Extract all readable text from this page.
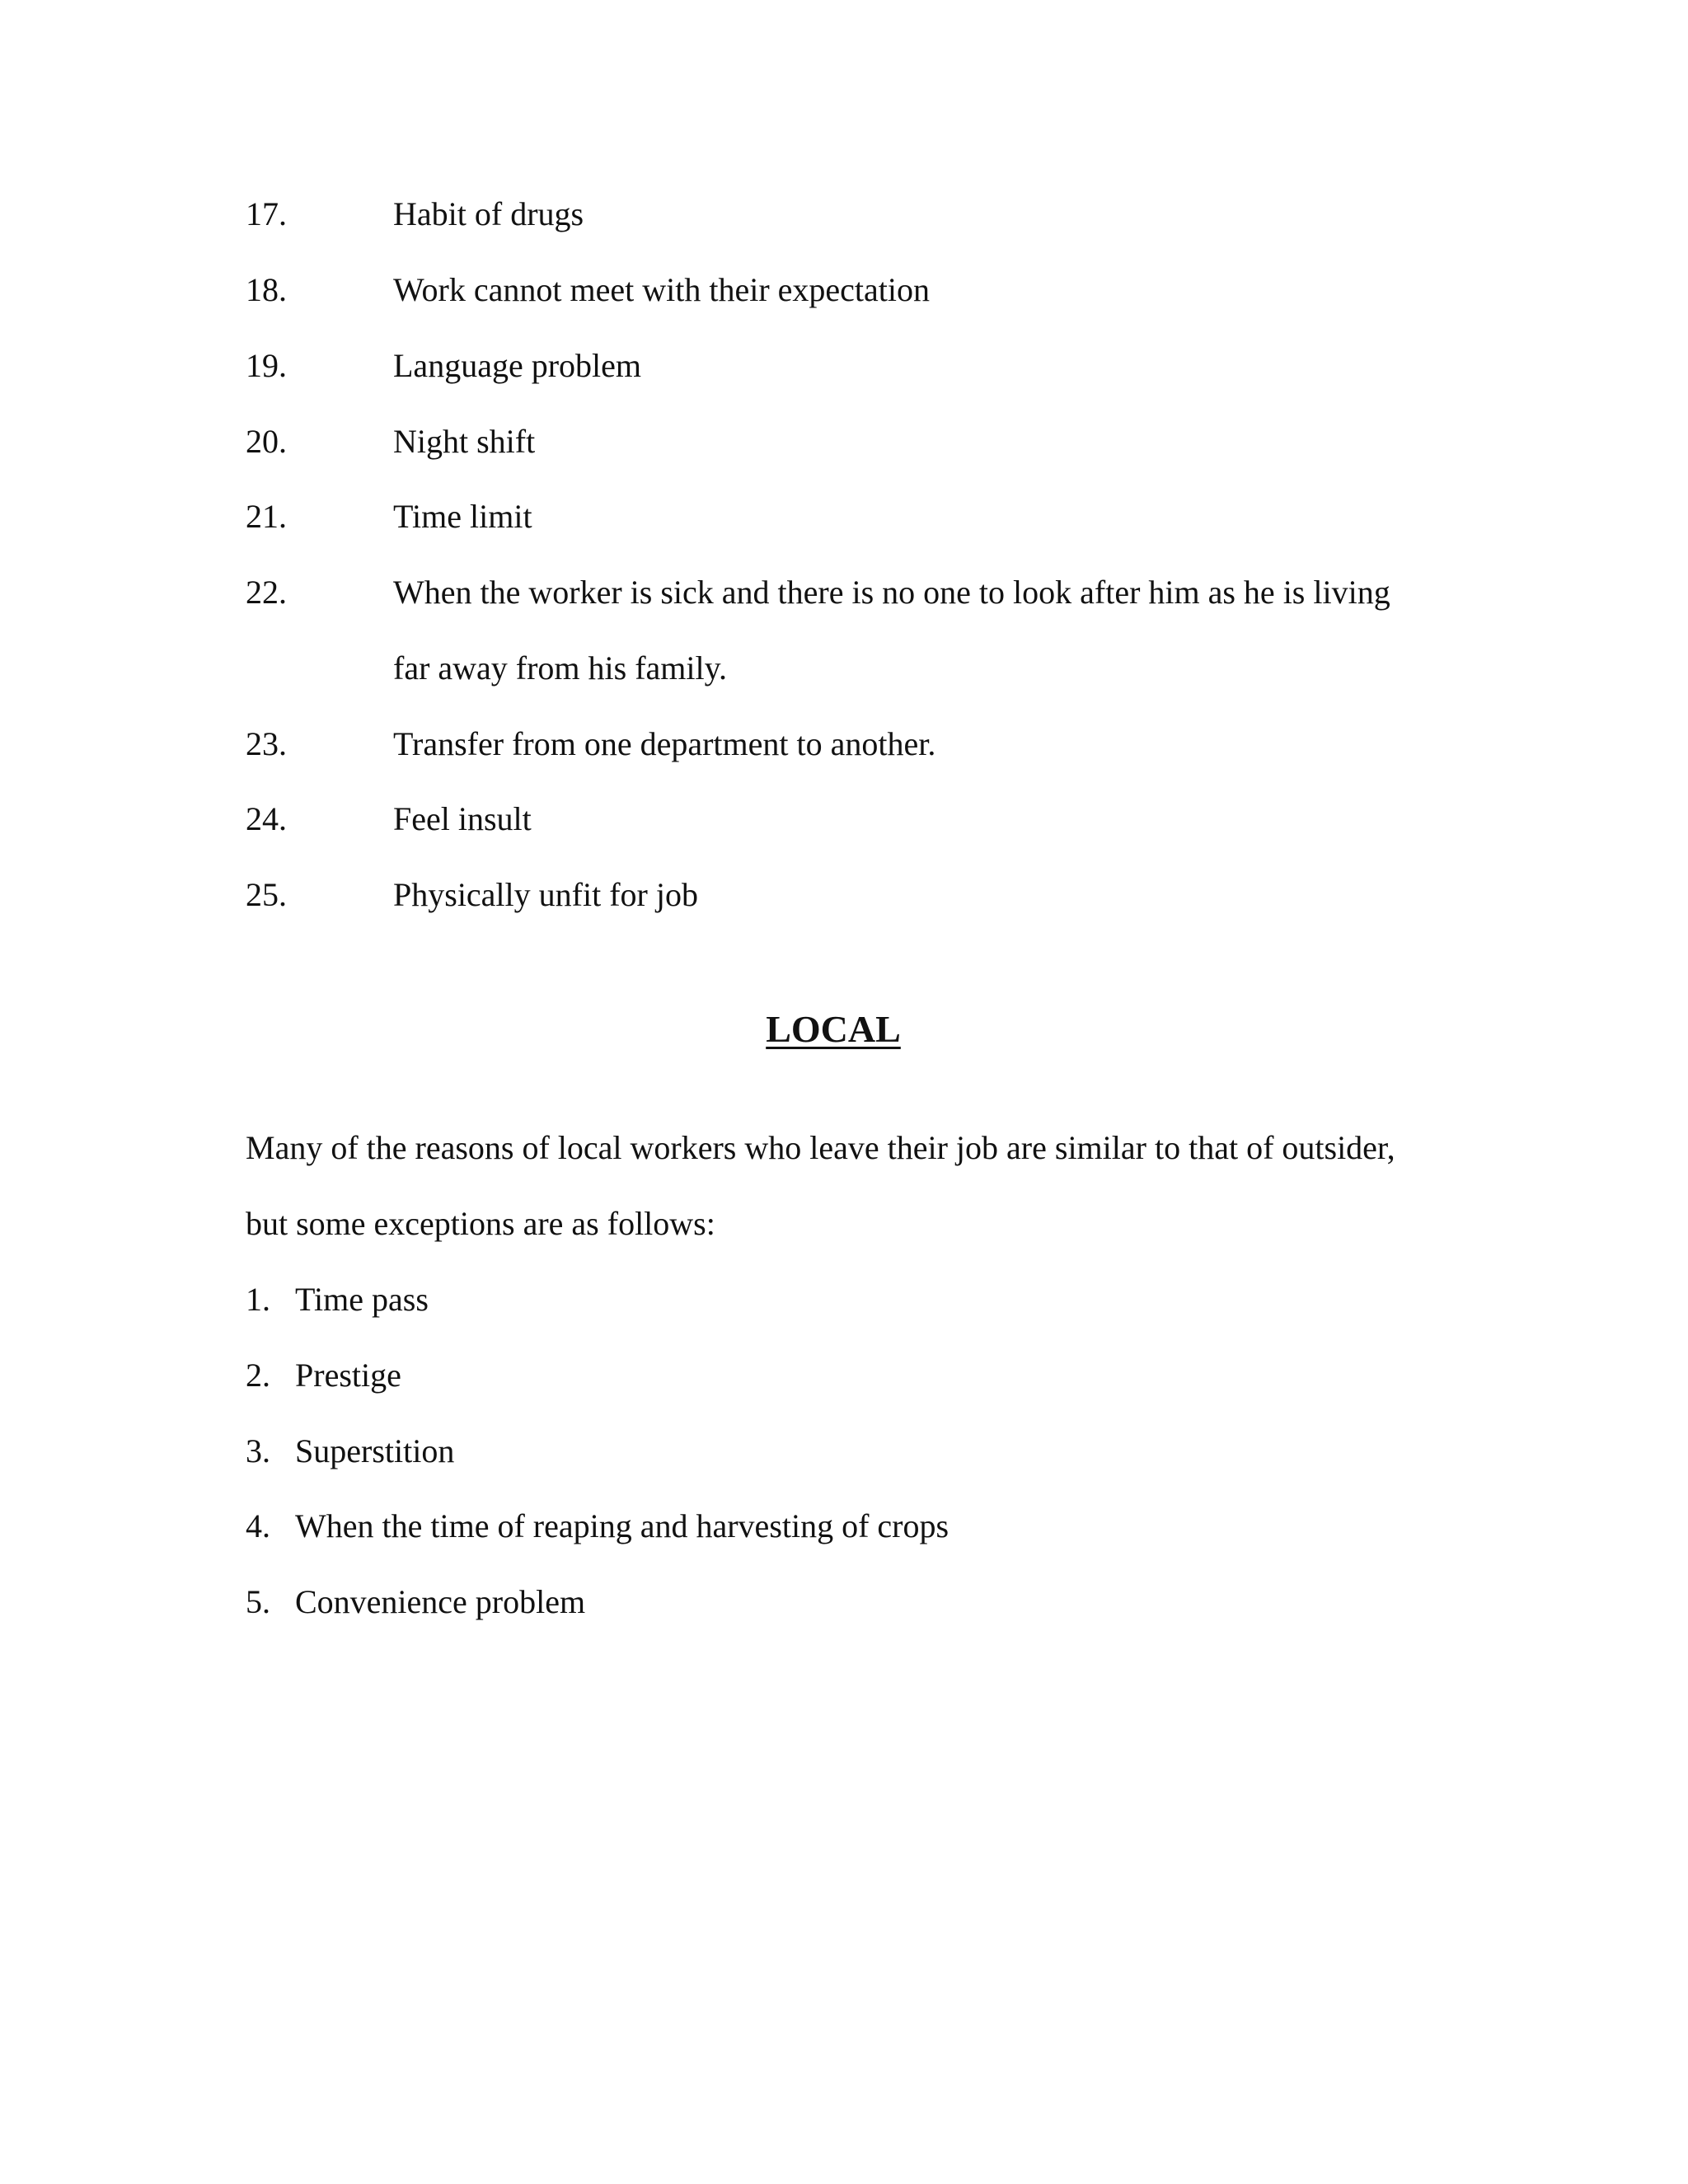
17.	Habit of drugs
18.	Work cannot meet with their expectation
19.	Language problem
20.	Night shift
21.	Time limit
22.	When the worker is sick and there is no one to look after him as he is living
far away from his family.
23.	Transfer from one department to another.
24.	Feel insult
25.	Physically unfit for job
LOCAL
Many of the reasons of local workers who leave their job are similar to that of outsider,
but some exceptions are as follows:
1. Time pass
2. Prestige
3. Superstition
4. When the time of reaping and harvesting of crops
5. Convenience problem
